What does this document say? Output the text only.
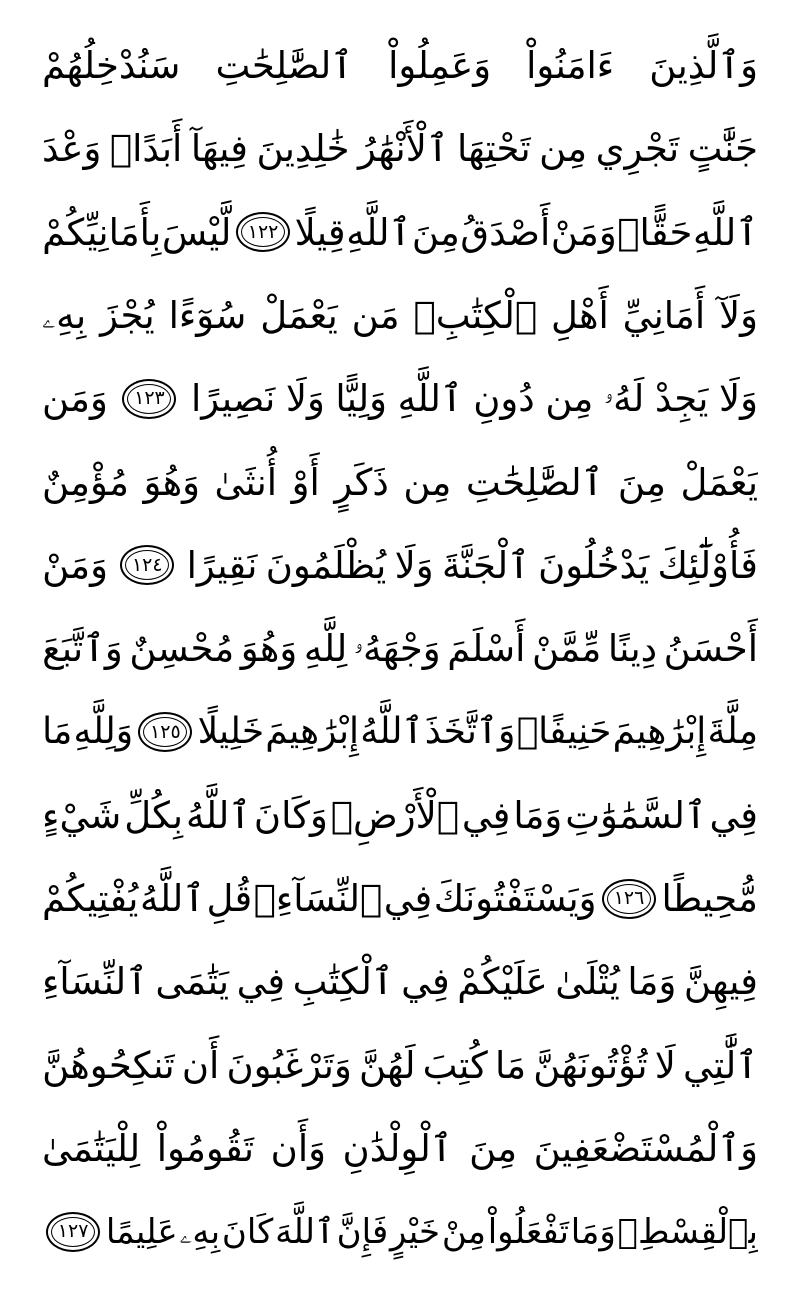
وَٱلَّذِينَ
ءَامَنُواْ
وَعَمِلُواْ
ٱلصَّٰلِحَٰتِ
سَنُدْخِلُهُمْ
جَنَّٰتٍ
تَجْرِي
مِن
تَحْتِهَا
ٱلْأَنْهَٰرُ
خَٰلِدِينَ
فِيهَآ
أَبَدًاۖ
وَعْدَ
ٱللَّهِ
حَقًّاۚ
وَمَنْ
أَصْدَقُ
مِنَ
ٱللَّهِ
قِيلًا
١٢٢
لَّيْسَ
بِأَمَانِيِّكُمْ
وَلَآ
أَمَانِيِّ
أَهْلِ
ٱلْكِتَٰبِۗ
مَن
يَعْمَلْ
سُوٓءًا
يُجْزَ
بِهِۦ
وَلَا
يَجِدْ
لَهُۥ
مِن
دُونِ
ٱللَّهِ
وَلِيًّا
وَلَا
نَصِيرًا
١٢٣
وَمَن
يَعْمَلْ
مِنَ
ٱلصَّٰلِحَٰتِ
مِن
ذَكَرٍ
أَوْ
أُنثَىٰ
وَهُوَ
مُؤْمِنٌ
فَأُوْلَٰٓئِكَ
يَدْخُلُونَ
ٱلْجَنَّةَ
وَلَا
يُظْلَمُونَ
نَقِيرًا
١٢٤
وَمَنْ
أَحْسَنُ
دِينًا
مِّمَّنْ
أَسْلَمَ
وَجْهَهُۥ
لِلَّهِ
وَهُوَ
مُحْسِنٌ
وَٱتَّبَعَ
مِلَّةَ
إِبْرَٰهِيمَ
حَنِيفًاۗ
وَٱتَّخَذَ
ٱللَّهُ
إِبْرَٰهِيمَ
خَلِيلًا
١٢٥
وَلِلَّهِ
مَا
فِي
ٱلسَّمَٰوَٰتِ
وَمَا
فِي
ٱلْأَرْضِۚ
وَكَانَ
ٱللَّهُ
بِكُلِّ
شَيْءٍ
مُّحِيطًا
١٢٦
وَيَسْتَفْتُونَكَ
فِي
ٱلنِّسَآءِۖ
قُلِ
ٱللَّهُ
يُفْتِيكُمْ
فِيهِنَّ
وَمَا
يُتْلَىٰ
عَلَيْكُمْ
فِي
ٱلْكِتَٰبِ
فِي
يَتَٰمَى
ٱلنِّسَآءِ
ٱلَّٰتِي
لَا
تُؤْتُونَهُنَّ
مَا
كُتِبَ
لَهُنَّ
وَتَرْغَبُونَ
أَن
تَنكِحُوهُنَّ
وَٱلْمُسْتَضْعَفِينَ
مِنَ
ٱلْوِلْدَٰنِ
وَأَن
تَقُومُواْ
لِلْيَتَٰمَىٰ
بِٱلْقِسْطِۚ
وَمَا
تَفْعَلُواْ
مِنْ
خَيْرٍ
فَإِنَّ
ٱللَّهَ
كَانَ
بِهِۦ
عَلِيمًا
١٢٧
